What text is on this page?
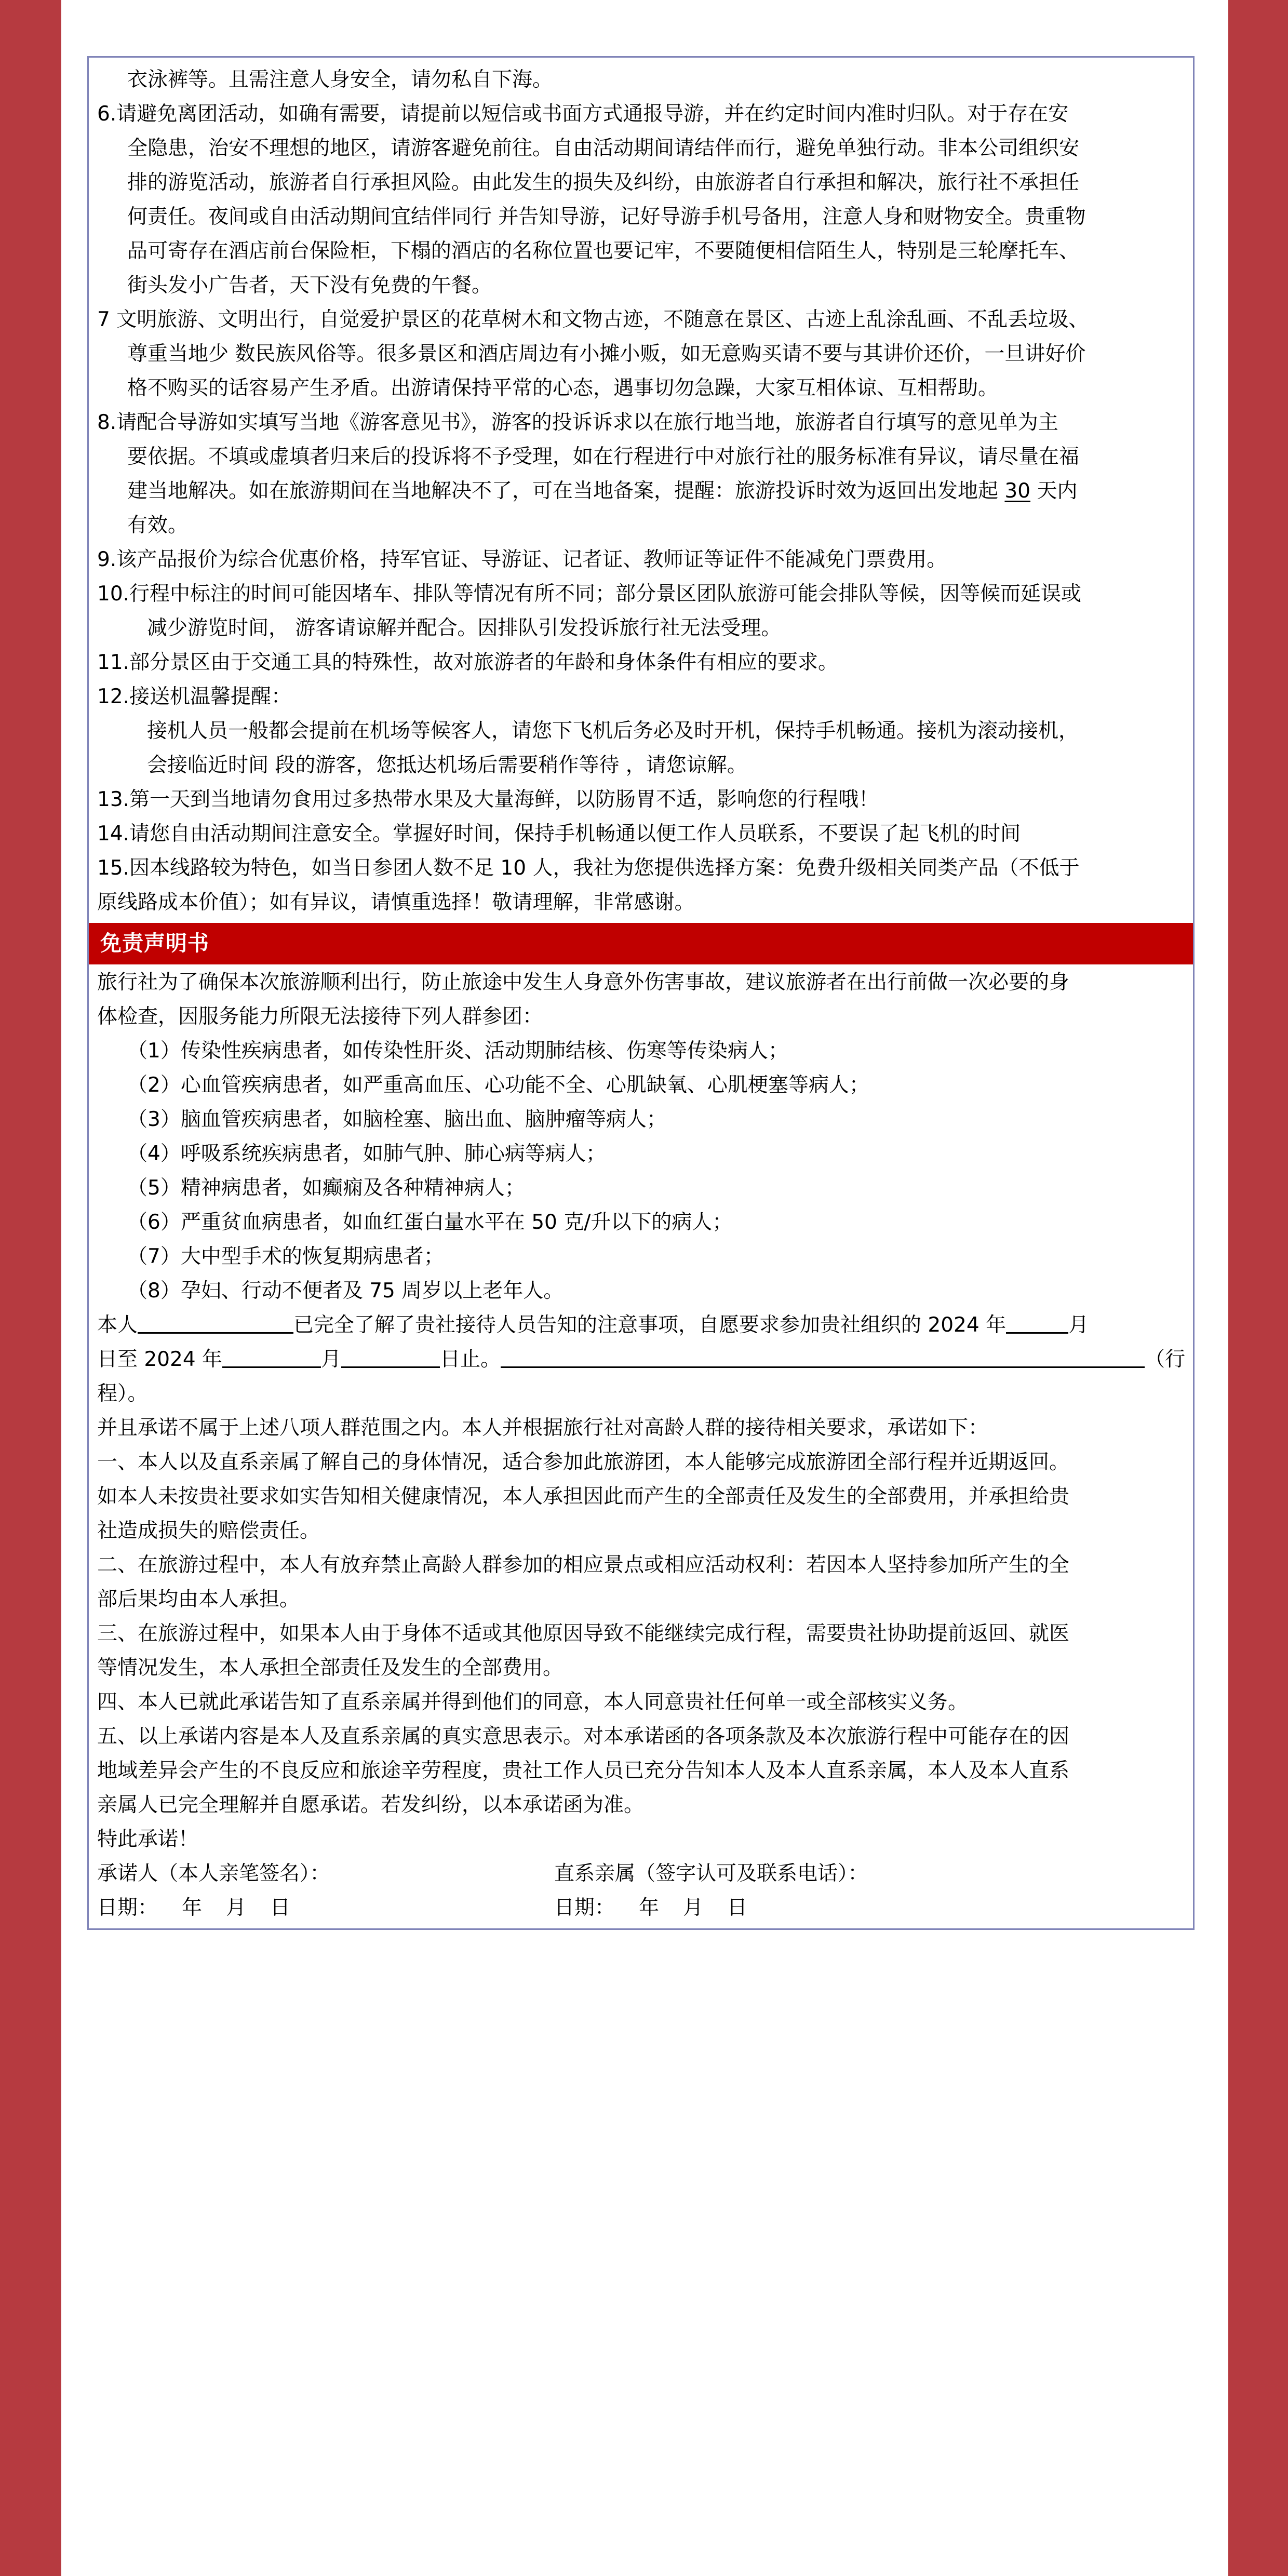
衣泳裤等。且需注意人身安全，请勿私自下海。
6.请避免离团活动，如确有需要，请提前以短信或书面方式通报导游，并在约定时间内准时归队。对于存在安
全隐患，治安不理想的地区，请游客避免前往。自由活动期间请结伴而行，避免单独行动。非本公司组织安
排的游览活动，旅游者自行承担风险。由此发生的损失及纠纷，由旅游者自行承担和解决，旅行社不承担任
何责任。夜间或自由活动期间宜结伴同行 并告知导游，记好导游手机号备用，注意人身和财物安全。贵重物
品可寄存在酒店前台保险柜，下榻的酒店的名称位置也要记牢，不要随便相信陌生人，特别是三轮摩托车、
街头发小广告者，天下没有免费的午餐。
7 文明旅游、文明出行，自觉爱护景区的花草树木和文物古迹，不随意在景区、古迹上乱涂乱画、不乱丢垃圾、
尊重当地少 数民族风俗等。很多景区和酒店周边有小摊小贩，如无意购买请不要与其讲价还价，一旦讲好价
格不购买的话容易产生矛盾。出游请保持平常的心态，遇事切勿急躁，大家互相体谅、互相帮助。
8.请配合导游如实填写当地《游客意见书》，游客的投诉诉求以在旅行地当地，旅游者自行填写的意见单为主
要依据。不填或虚填者归来后的投诉将不予受理，如在行程进行中对旅行社的服务标准有异议，请尽量在福
建当地解决。如在旅游期间在当地解决不了，可在当地备案，提醒：旅游投诉时效为返回出发地起 30 天内
有效。
9.该产品报价为综合优惠价格，持军官证、导游证、记者证、教师证等证件不能减免门票费用。
10.行程中标注的时间可能因堵车、排队等情况有所不同；部分景区团队旅游可能会排队等候，因等候而延误或
减少游览时间， 游客请谅解并配合。因排队引发投诉旅行社无法受理。
11.部分景区由于交通工具的特殊性，故对旅游者的年龄和身体条件有相应的要求。
12.接送机温馨提醒：
接机人员一般都会提前在机场等候客人，请您下飞机后务必及时开机，保持手机畅通。接机为滚动接机，
会接临近时间 段的游客，您抵达机场后需要稍作等待 ，请您谅解。
13.第一天到当地请勿食用过多热带水果及大量海鲜，以防肠胃不适，影响您的行程哦！
14.请您自由活动期间注意安全。掌握好时间，保持手机畅通以便工作人员联系，不要误了起飞机的时间
15.因本线路较为特色，如当日参团人数不足 10 人，我社为您提供选择方案：免费升级相关同类产品（不低于
原线路成本价值）；如有异议，请慎重选择！敬请理解，非常感谢。
免责声明书
旅行社为了确保本次旅游顺利出行，防止旅途中发生人身意外伤害事故，建议旅游者在出行前做一次必要的身
体检查，因服务能力所限无法接待下列人群参团：
（1）传染性疾病患者，如传染性肝炎、活动期肺结核、伤寒等传染病人；
（2）心血管疾病患者，如严重高血压、心功能不全、心肌缺氧、心肌梗塞等病人；
（3）脑血管疾病患者，如脑栓塞、脑出血、脑肿瘤等病人；
（4）呼吸系统疾病患者，如肺气肿、肺心病等病人；
（5）精神病患者，如癫痫及各种精神病人；
（6）严重贫血病患者，如血红蛋白量水平在 50 克/升以下的病人；
（7）大中型手术的恢复期病患者；
（8）孕妇、行动不便者及 75 周岁以上老年人。
本人	已完全了解了贵社接待人员告知的注意事项，自愿要求参加贵社组织的 2024 年	月
日至 2024 年	月	日止。	（行
程）。
并且承诺不属于上述八项人群范围之内。本人并根据旅行社对高龄人群的接待相关要求，承诺如下：
一、本人以及直系亲属了解自己的身体情况，适合参加此旅游团，本人能够完成旅游团全部行程并近期返回。
如本人未按贵社要求如实告知相关健康情况，本人承担因此而产生的全部责任及发生的全部费用，并承担给贵
社造成损失的赔偿责任。
二、在旅游过程中，本人有放弃禁止高龄人群参加的相应景点或相应活动权利：若因本人坚持参加所产生的全
部后果均由本人承担。
三、在旅游过程中，如果本人由于身体不适或其他原因导致不能继续完成行程，需要贵社协助提前返回、就医
等情况发生，本人承担全部责任及发生的全部费用。
四、本人已就此承诺告知了直系亲属并得到他们的同意，本人同意贵社任何单一或全部核实义务。
五、以上承诺内容是本人及直系亲属的真实意思表示。对本承诺函的各项条款及本次旅游行程中可能存在的因
地域差异会产生的不良反应和旅途辛劳程度，贵社工作人员已充分告知本人及本人直系亲属，本人及本人直系
亲属人已完全理解并自愿承诺。若发纠纷，以本承诺函为准。
特此承诺！
承诺人（本人亲笔签名）：	直系亲属（签字认可及联系电话）：
日期： 年 月 日	日期： 年 月 日
